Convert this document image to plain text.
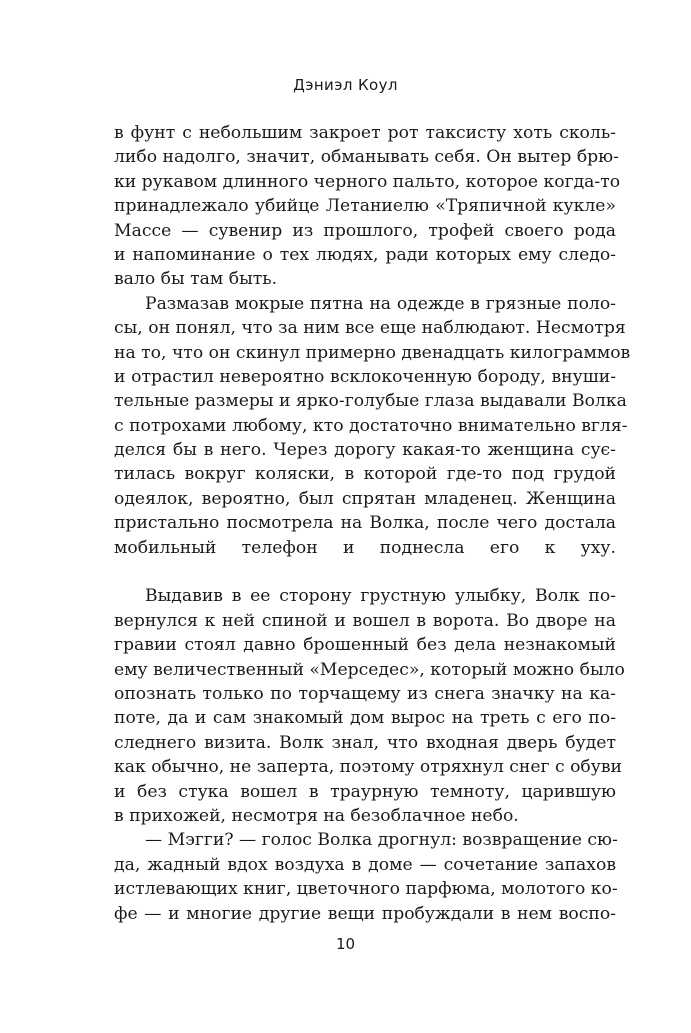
Дэниэл Коул
в фунт с небольшим закроет рот таксисту хоть сколь-
либо надолго, значит, обманывать себя. Он вытер брю-
ки рукавом длинного черного пальто, которое когда-то
принадлежало убийце Летаниелю «Тряпичной кукле»
Массе — сувенир из прошлого, трофей своего рода
и напоминание о тех людях, ради которых ему следо-
вало бы там быть.
Размазав мокрые пятна на одежде в грязные поло-
сы, он понял, что за ним все еще наблюдают. Несмотря
на то, что он скинул примерно двенадцать килограммов
и отрастил невероятно всклокоченную бороду, внуши-
тельные размеры и ярко-голубые глаза выдавали Волка
с потрохами любому, кто достаточно внимательно вгля-
делся бы в него. Через дорогу какая-то женщина сує-
тилась вокруг коляски, в которой где-то под грудой
одеялок, вероятно, был спрятан младенец. Женщина
пристально посмотрела на Волка, после чего достала
мобильный телефон и поднесла его к уху.
Выдавив в ее сторону грустную улыбку, Волк по-
вернулся к ней спиной и вошел в ворота. Во дворе на
гравии стоял давно брошенный без дела незнакомый
ему величественный «Мерседес», который можно было
опознать только по торчащему из снега значку на ка-
поте, да и сам знакомый дом вырос на треть с его по-
следнего визита. Волк знал, что входная дверь будет
как обычно, не заперта, поэтому отряхнул снег с обуви
и без стука вошел в траурную темноту, царившую
в прихожей, несмотря на безоблачное небо.
— Мэгги? — голос Волка дрогнул: возвращение сю-
да, жадный вдох воздуха в доме — сочетание запахов
истлевающих книг, цветочного парфюма, молотого ко-
фе — и многие другие вещи пробуждали в нем воспо-
10
